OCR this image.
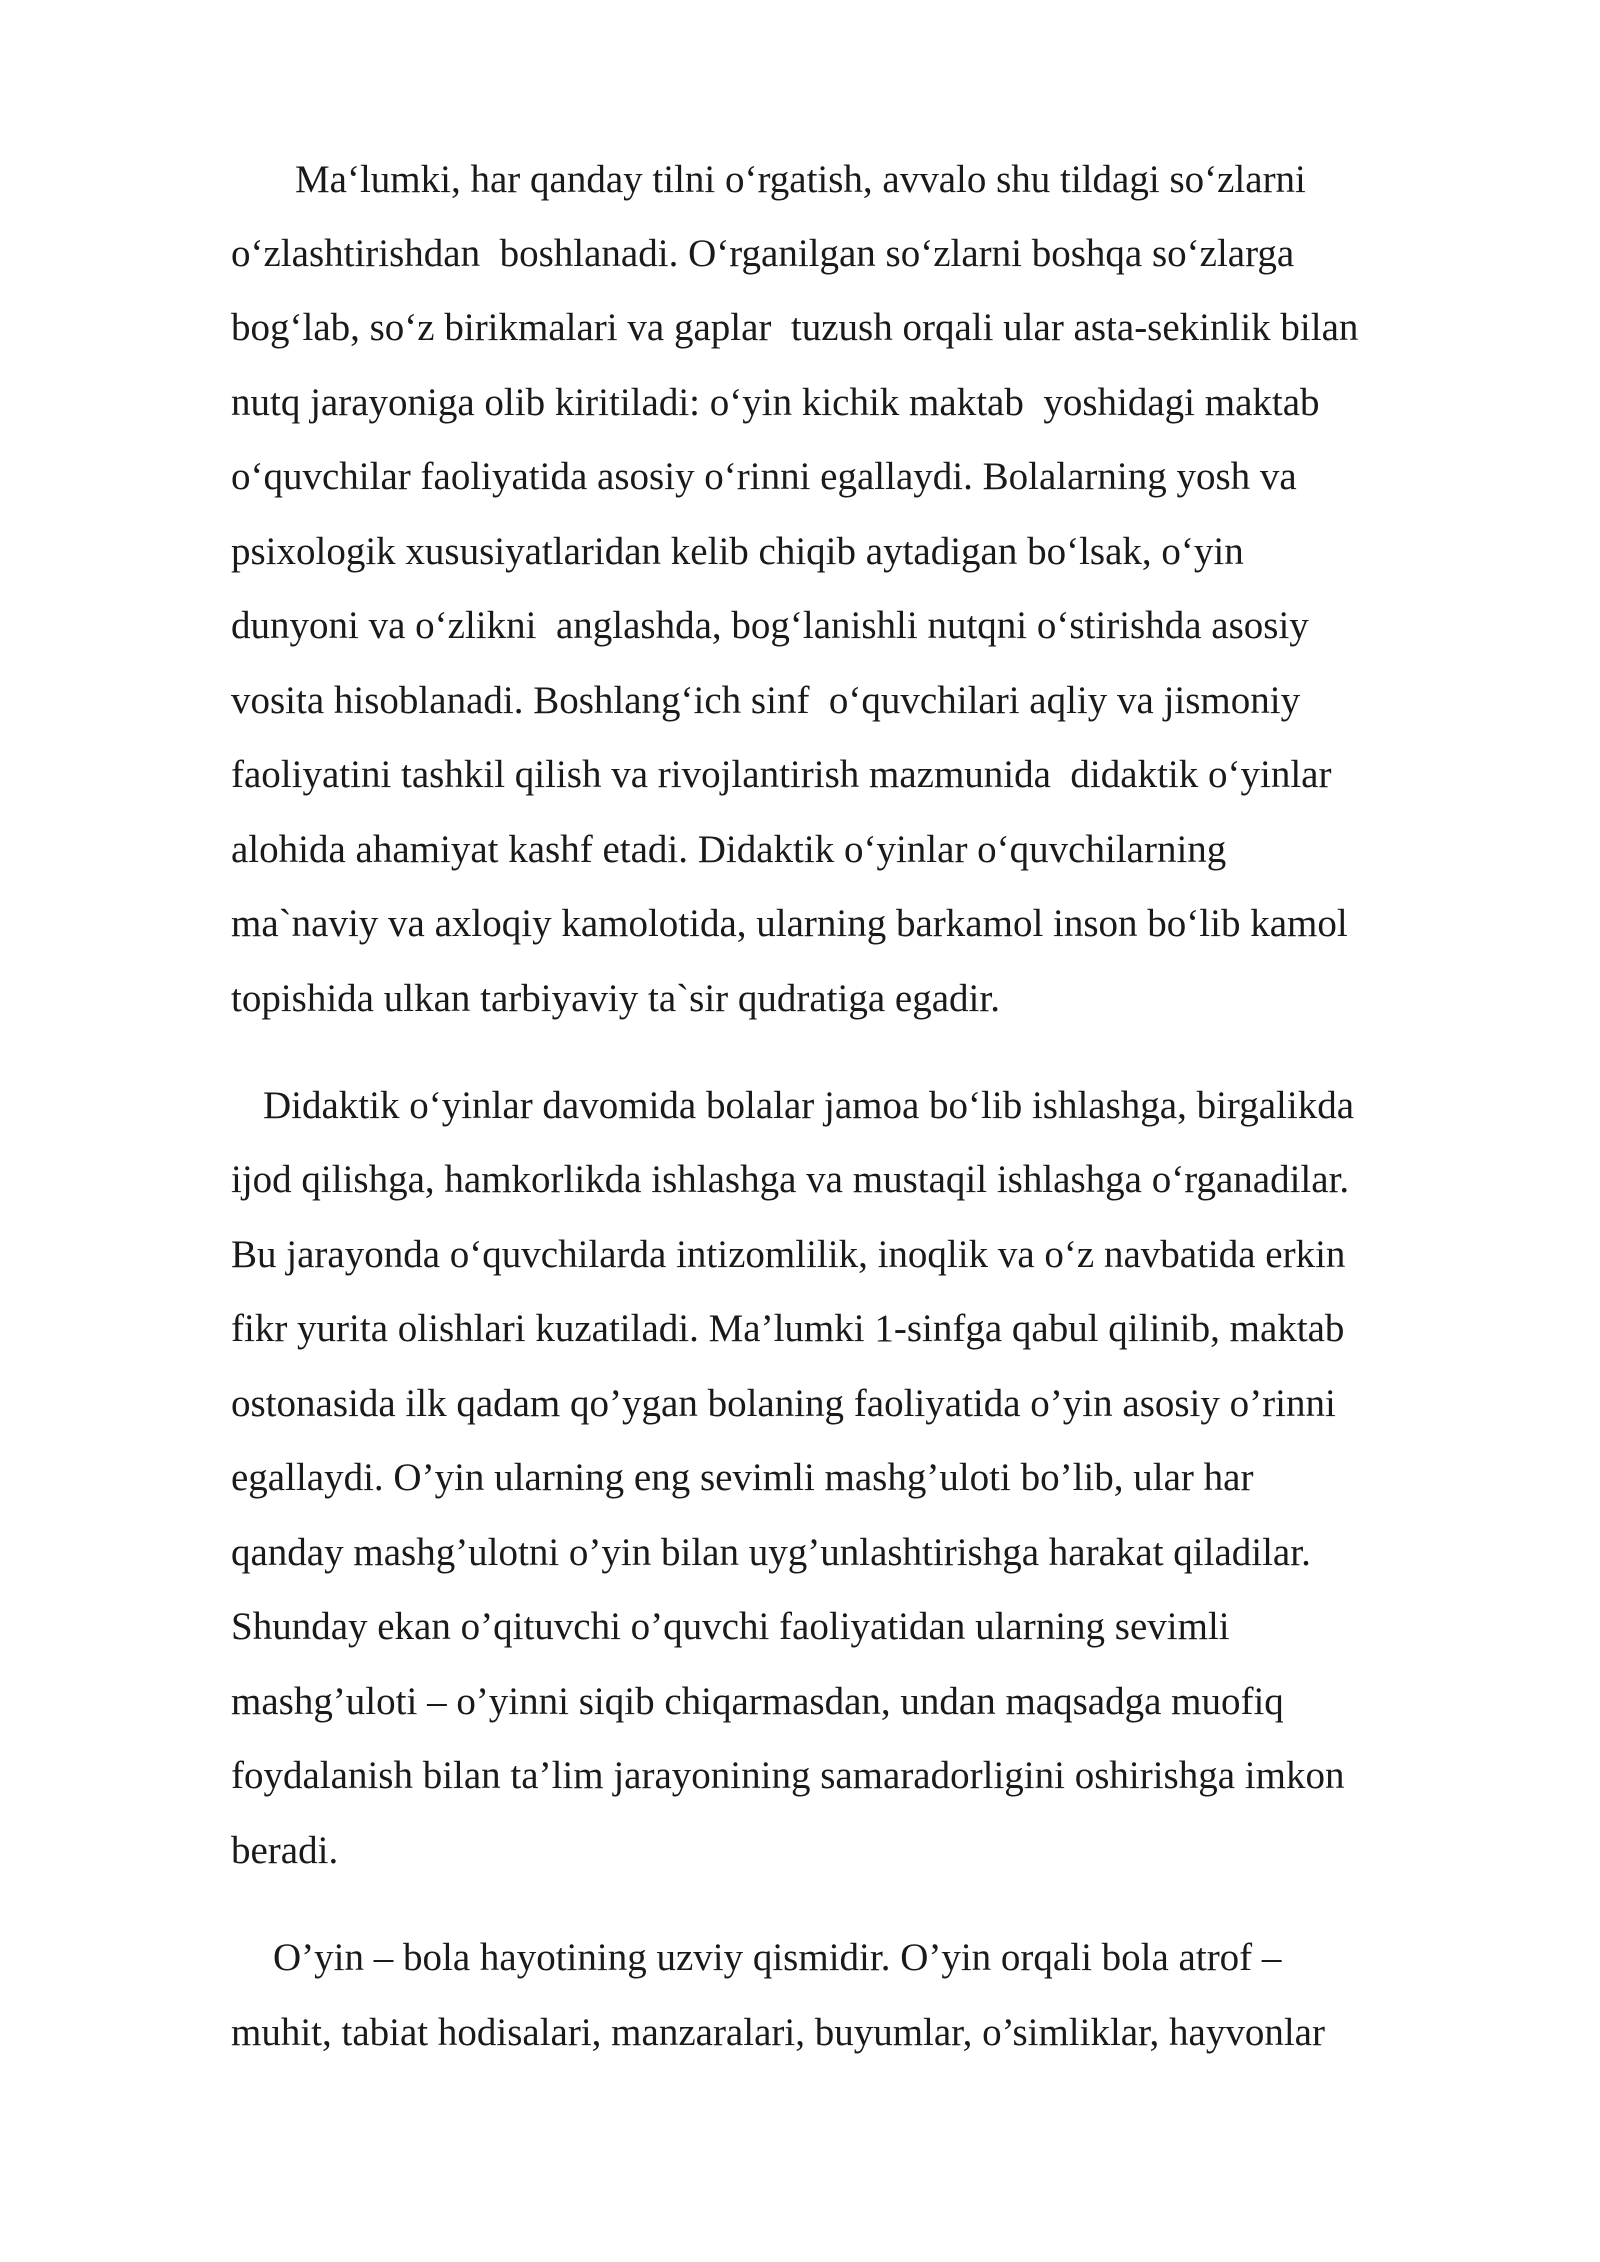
Ma‘lumki, har qanday tilni o‘rgatish, avvalo shu tildagi so‘zlarni

o‘zlashtirishdan  boshlanadi. O‘rganilgan so‘zlarni boshqa so‘zlarga

bog‘lab, so‘z birikmalari va gaplar  tuzush orqali ular asta-sekinlik bilan

nutq jarayoniga olib kiritiladi: o‘yin kichik maktab  yoshidagi maktab

o‘quvchilar faoliyatida asosiy o‘rinni egallaydi. Bolalarning yosh va

psixologik xususiyatlaridan kelib chiqib aytadigan bo‘lsak, o‘yin

dunyoni va o‘zlikni  anglashda, bog‘lanishli nutqni o‘stirishda asosiy

vosita hisoblanadi. Boshlang‘ich sinf  o‘quvchilari aqliy va jismoniy

faoliyatini tashkil qilish va rivojlantirish mazmunida  didaktik o‘yinlar

alohida ahamiyat kashf etadi. Didaktik o‘yinlar o‘quvchilarning

ma`naviy va axloqiy kamolotida, ularning barkamol inson bo‘lib kamol

topishida ulkan tarbiyaviy ta`sir qudratiga egadir.

Didaktik o‘yinlar davomida bolalar jamoa bo‘lib ishlashga, birgalikda

ijod qilishga, hamkorlikda ishlashga va mustaqil ishlashga o‘rganadilar.

Bu jarayonda o‘quvchilarda intizomlilik, inoqlik va o‘z navbatida erkin

fikr yurita olishlari kuzatiladi. Ma’lumki 1-sinfga qabul qilinib, maktab

ostonasida ilk qadam qo’ygan bolaning faoliyatida o’yin asosiy o’rinni

egallaydi. O’yin ularning eng sevimli mashg’uloti bo’lib, ular har

qanday mashg’ulotni o’yin bilan uyg’unlashtirishga harakat qiladilar.

Shunday ekan o’qituvchi o’quvchi faoliyatidan ularning sevimli

mashg’uloti – o’yinni siqib chiqarmasdan, undan maqsadga muofiq

foydalanish bilan ta’lim jarayonining samaradorligini oshirishga imkon

beradi.

O’yin – bola hayotining uzviy qismidir. O’yin orqali bola atrof –

muhit, tabiat hodisalari, manzaralari, buyumlar, o’simliklar, hayvonlar
